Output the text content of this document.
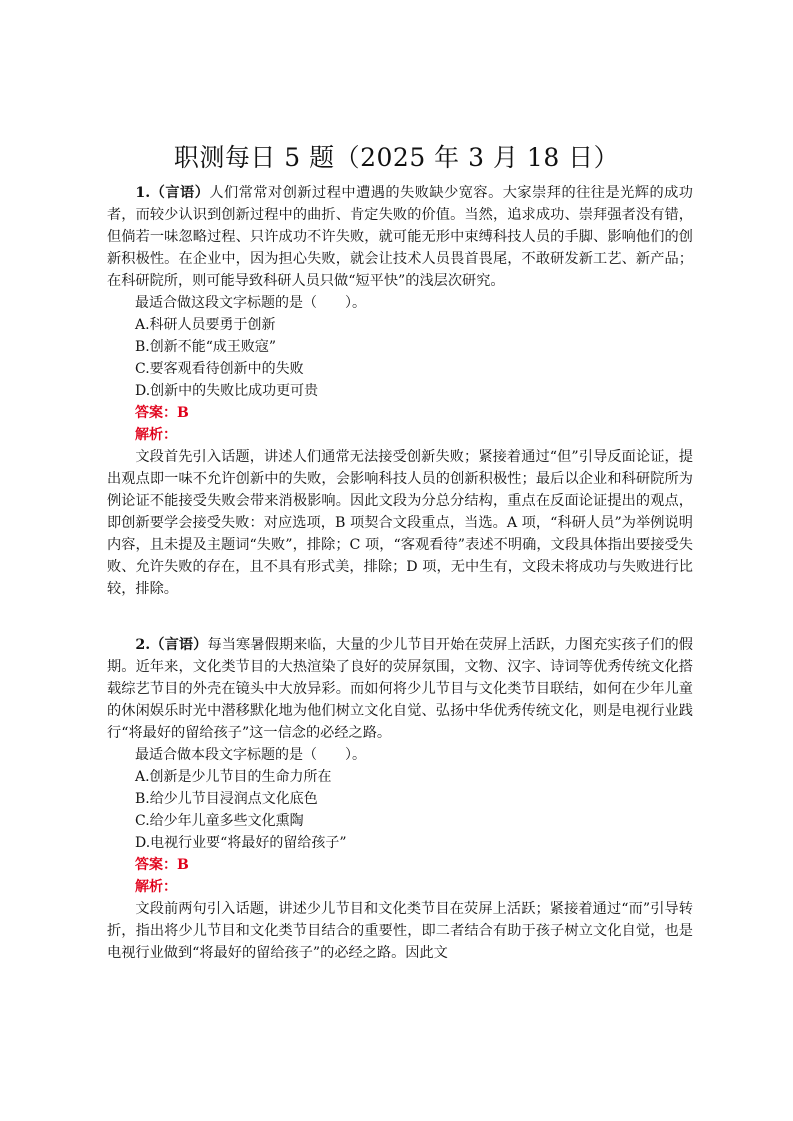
职测每日 5 题（2025 年 3 月 18 日）

1.（言语）人们常常对创新过程中遭遇的失败缺少宽容。大家崇拜的往往是光辉的成功者，而较少认识到创新过程中的曲折、肯定失败的价值。当然，追求成功、崇拜强者没有错，但倘若一味忽略过程、只许成功不许失败，就可能无形中束缚科技人员的手脚、影响他们的创新积极性。在企业中，因为担心失败，就会让技术人员畏首畏尾，不敢研发新工艺、新产品；在科研院所，则可能导致科研人员只做“短平快”的浅层次研究。

最适合做这段文字标题的是（　　）。

A.科研人员要勇于创新

B.创新不能“成王败寇”

C.要客观看待创新中的失败

D.创新中的失败比成功更可贵

答案：B

解析：

文段首先引入话题，讲述人们通常无法接受创新失败；紧接着通过“但”引导反面论证，提出观点即一味不允许创新中的失败，会影响科技人员的创新积极性；最后以企业和科研院所为例论证不能接受失败会带来消极影响。因此文段为分总分结构，重点在反面论证提出的观点，即创新要学会接受失败：对应选项，B 项契合文段重点，当选。A 项，“科研人员”为举例说明内容，且未提及主题词“失败”，排除；C 项，“客观看待”表述不明确，文段具体指出要接受失败、允许失败的存在，且不具有形式美，排除；D 项，无中生有，文段未将成功与失败进行比较，排除。

2.（言语）每当寒暑假期来临，大量的少儿节目开始在荧屏上活跃，力图充实孩子们的假期。近年来，文化类节目的大热渲染了良好的荧屏氛围，文物、汉字、诗词等优秀传统文化搭载综艺节目的外壳在镜头中大放异彩。而如何将少儿节目与文化类节目联结，如何在少年儿童的休闲娱乐时光中潜移默化地为他们树立文化自觉、弘扬中华优秀传统文化，则是电视行业践行“将最好的留给孩子”这一信念的必经之路。

最适合做本段文字标题的是（　　）。

A.创新是少儿节目的生命力所在

B.给少儿节目浸润点文化底色

C.给少年儿童多些文化熏陶

D.电视行业要“将最好的留给孩子”

答案：B

解析：

文段前两句引入话题，讲述少儿节目和文化类节目在荧屏上活跃；紧接着通过“而”引导转折，指出将少儿节目和文化类节目结合的重要性，即二者结合有助于孩子树立文化自觉，也是电视行业做到“将最好的留给孩子”的必经之路。因此文
